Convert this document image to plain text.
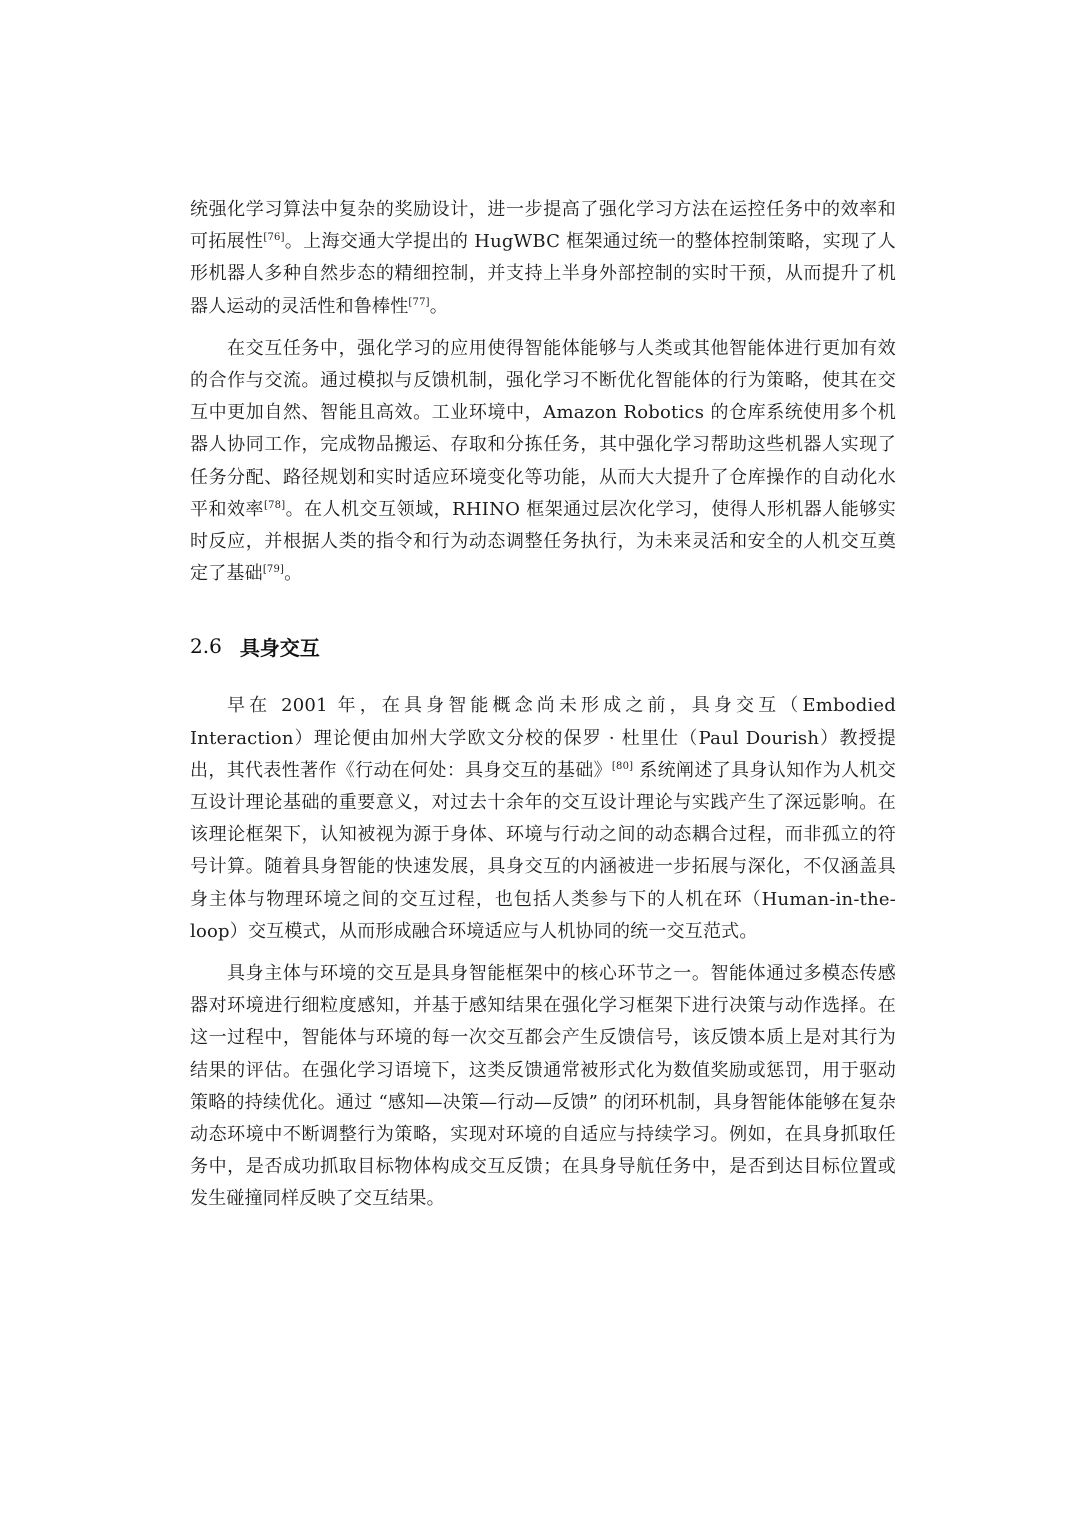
统强化学习算法中复杂的奖励设计，进一步提高了强化学习方法在运控任务中的效率和可拓展性[76]。上海交通大学提出的 HugWBC 框架通过统一的整体控制策略，实现了人形机器人多种自然步态的精细控制，并支持上半身外部控制的实时干预，从而提升了机器人运动的灵活性和鲁棒性[77]。

在交互任务中，强化学习的应用使得智能体能够与人类或其他智能体进行更加有效的合作与交流。通过模拟与反馈机制，强化学习不断优化智能体的行为策略，使其在交互中更加自然、智能且高效。工业环境中，Amazon Robotics 的仓库系统使用多个机器人协同工作，完成物品搬运、存取和分拣任务，其中强化学习帮助这些机器人实现了任务分配、路径规划和实时适应环境变化等功能，从而大大提升了仓库操作的自动化水平和效率[78]。在人机交互领域，RHINO 框架通过层次化学习，使得人形机器人能够实时反应，并根据人类的指令和行为动态调整任务执行，为未来灵活和安全的人机交互奠定了基础[79]。

2.6 具身交互

早在 2001 年，在具身智能概念尚未形成之前，具身交互（Embodied Interaction）理论便由加州大学欧文分校的保罗 · 杜里仕（Paul Dourish）教授提出，其代表性著作《行动在何处：具身交互的基础》[80] 系统阐述了具身认知作为人机交互设计理论基础的重要意义，对过去十余年的交互设计理论与实践产生了深远影响。在该理论框架下，认知被视为源于身体、环境与行动之间的动态耦合过程，而非孤立的符号计算。随着具身智能的快速发展，具身交互的内涵被进一步拓展与深化，不仅涵盖具身主体与物理环境之间的交互过程，也包括人类参与下的人机在环（Human-in-the-loop）交互模式，从而形成融合环境适应与人机协同的统一交互范式。

具身主体与环境的交互是具身智能框架中的核心环节之一。智能体通过多模态传感器对环境进行细粒度感知，并基于感知结果在强化学习框架下进行决策与动作选择。在这一过程中，智能体与环境的每一次交互都会产生反馈信号，该反馈本质上是对其行为结果的评估。在强化学习语境下，这类反馈通常被形式化为数值奖励或惩罚，用于驱动策略的持续优化。通过 “感知—决策—行动—反馈” 的闭环机制，具身智能体能够在复杂动态环境中不断调整行为策略，实现对环境的自适应与持续学习。例如，在具身抓取任务中，是否成功抓取目标物体构成交互反馈；在具身导航任务中，是否到达目标位置或发生碰撞同样反映了交互结果。
